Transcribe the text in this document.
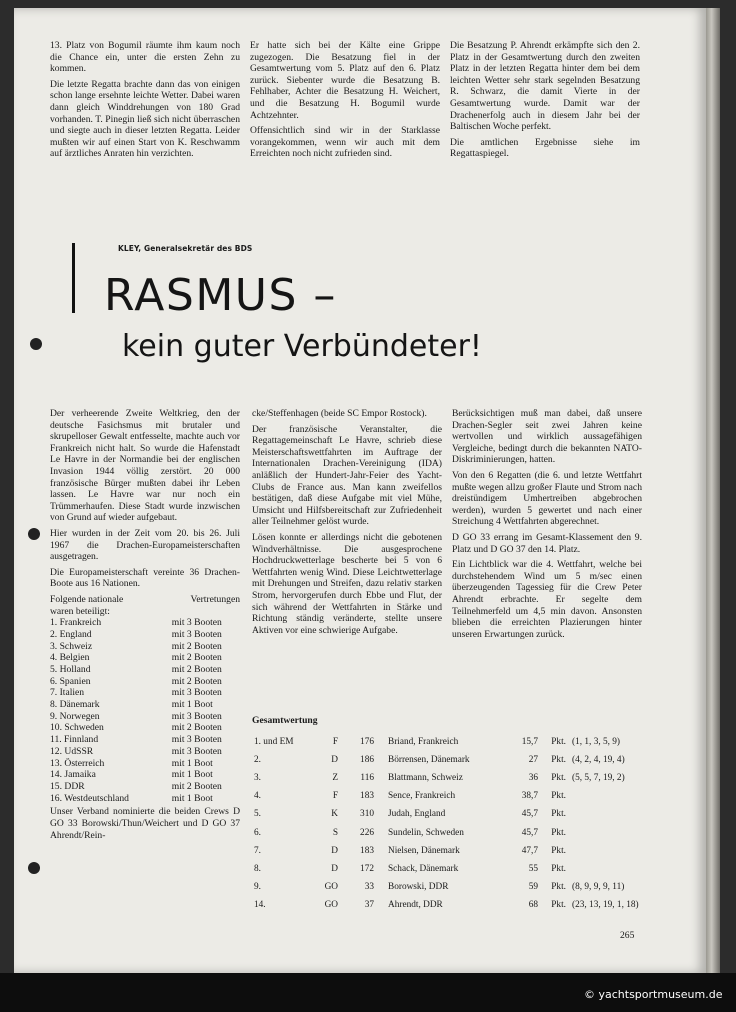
13. Platz von Bogumil räumte ihm kaum noch die Chance ein, unter die ersten Zehn zu kommen.

Die letzte Regatta brachte dann das von einigen schon lange ersehnte leichte Wetter. Dabei waren dann gleich Winddrehungen von 180 Grad vorhanden. T. Pinegin ließ sich nicht überraschen und siegte auch in dieser letzten Regatta. Leider mußten wir auf einen Start von K. Reschwamm auf ärztliches Anraten hin verzichten.

Er hatte sich bei der Kälte eine Grippe zugezogen. Die Besatzung fiel in der Gesamtwertung vom 5. Platz auf den 6. Platz zurück. Siebenter wurde die Besatzung B. Fehlhaber, Achter die Besatzung H. Weichert, und die Besatzung H. Bogumil wurde Achtzehnter.

Offensichtlich sind wir in der Starklasse vorangekommen, wenn wir auch mit dem Erreichten noch nicht zufrieden sind.

Die Besatzung P. Ahrendt erkämpfte sich den 2. Platz in der Gesamtwertung durch den zweiten Platz in der letzten Regatta hinter dem bei dem leichten Wetter sehr stark segelnden Besatzung R. Schwarz, die damit Vierte in der Gesamtwertung wurde. Damit war der Drachenerfolg auch in diesem Jahr bei der Baltischen Woche perfekt.

Die amtlichen Ergebnisse siehe im Regattaspiegel.

KLEY, Generalsekretär des BDS
RASMUS –
kein guter Verbündeter!

Der verheerende Zweite Weltkrieg, den der deutsche Fasichsmus mit brutaler und skrupelloser Gewalt entfesselte, machte auch vor Frankreich nicht halt. So wurde die Hafenstadt Le Havre in der Normandie bei der englischen Invasion 1944 völlig zerstört. 20 000 französische Bürger mußten dabei ihr Leben lassen. Le Havre war nur noch ein Trümmerhaufen. Diese Stadt wurde inzwischen von Grund auf wieder aufgebaut.

Hier wurden in der Zeit vom 20. bis 26. Juli 1967 die Drachen-Europameisterschaften ausgetragen.

Die Europameisterschaft vereinte 36 Drachen-Boote aus 16 Nationen.

Folgende nationale	Vertretungen
waren beteiligt:
1. Frankreich	mit 3 Booten
2. England	mit 3 Booten
3. Schweiz	mit 2 Booten
4. Belgien	mit 2 Booten
5. Holland	mit 2 Booten
6. Spanien	mit 2 Booten
7. Italien	mit 3 Booten
8. Dänemark	mit 1 Boot
9. Norwegen	mit 3 Booten
10. Schweden	mit 2 Booten
11. Finnland	mit 3 Booten
12. UdSSR	mit 3 Booten
13. Österreich	mit 1 Boot
14. Jamaika	mit 1 Boot
15. DDR	mit 2 Booten
16. Westdeutschland	mit 1 Boot

Unser Verband nominierte die beiden Crews D GO 33 Borowski/Thun/Weichert und D GO 37 Ahrendt/Rein-

cke/Steffenhagen (beide SC Empor Rostock).

Der französische Veranstalter, die Regattagemeinschaft Le Havre, schrieb diese Meisterschaftswettfahrten im Auftrage der Internationalen Drachen-Vereinigung (IDA) anläßlich der Hundert-Jahr-Feier des Yacht-Clubs de France aus. Man kann zweifellos bestätigen, daß diese Aufgabe mit viel Mühe, Umsicht und Hilfsbereitschaft zur Zufriedenheit aller Teilnehmer gelöst wurde.

Lösen konnte er allerdings nicht die gebotenen Windverhältnisse. Die ausgesprochene Hochdruckwetterlage bescherte bei 5 von 6 Wettfahrten wenig Wind. Diese Leichtwetterlage mit Drehungen und Streifen, dazu relativ starken Strom, hervorgerufen durch Ebbe und Flut, der sich während der Wettfahrten in Stärke und Richtung ständig veränderte, stellte unsere Aktiven vor eine schwierige Aufgabe.

Berücksichtigen muß man dabei, daß unsere Drachen-Segler seit zwei Jahren keine wertvollen und wirklich aussagefähigen Vergleiche, bedingt durch die bekannten NATO-Diskriminierungen, hatten.

Von den 6 Regatten (die 6. und letzte Wettfahrt mußte wegen allzu großer Flaute und Strom nach dreistündigem Umhertreiben abgebrochen werden), wurden 5 gewertet und nach einer Streichung 4 Wettfahrten abgerechnet.

D GO 33 errang im Gesamt-Klassement den 9. Platz und D GO 37 den 14. Platz.

Ein Lichtblick war die 4. Wettfahrt, welche bei durchstehendem Wind um 5 m/sec einen überzeugenden Tagessieg für die Crew Peter Ahrendt erbrachte. Er segelte dem Teilnehmerfeld um 4,5 min davon. Ansonsten blieben die erreichten Plazierungen hinter unseren Erwartungen zurück.

Gesamtwertung
1. und EM	F	176	Briand, Frankreich	15,7	Pkt.	(1, 1, 3, 5, 9)
2.	D	186	Börrensen, Dänemark	27	Pkt.	(4, 2, 4, 19, 4)
3.	Z	116	Blattmann, Schweiz	36	Pkt.	(5, 5, 7, 19, 2)
4.	F	183	Sence, Frankreich	38,7	Pkt.	
5.	K	310	Judah, England	45,7	Pkt.	
6.	S	226	Sundelin, Schweden	45,7	Pkt.	
7.	D	183	Nielsen, Dänemark	47,7	Pkt.	
8.	D	172	Schack, Dänemark	55	Pkt.	
9.	GO	33	Borowski, DDR	59	Pkt.	(8, 9, 9, 9, 11)
14.	GO	37	Ahrendt, DDR	68	Pkt.	(23, 13, 19, 1, 18)
265
© yachtsportmuseum.de
